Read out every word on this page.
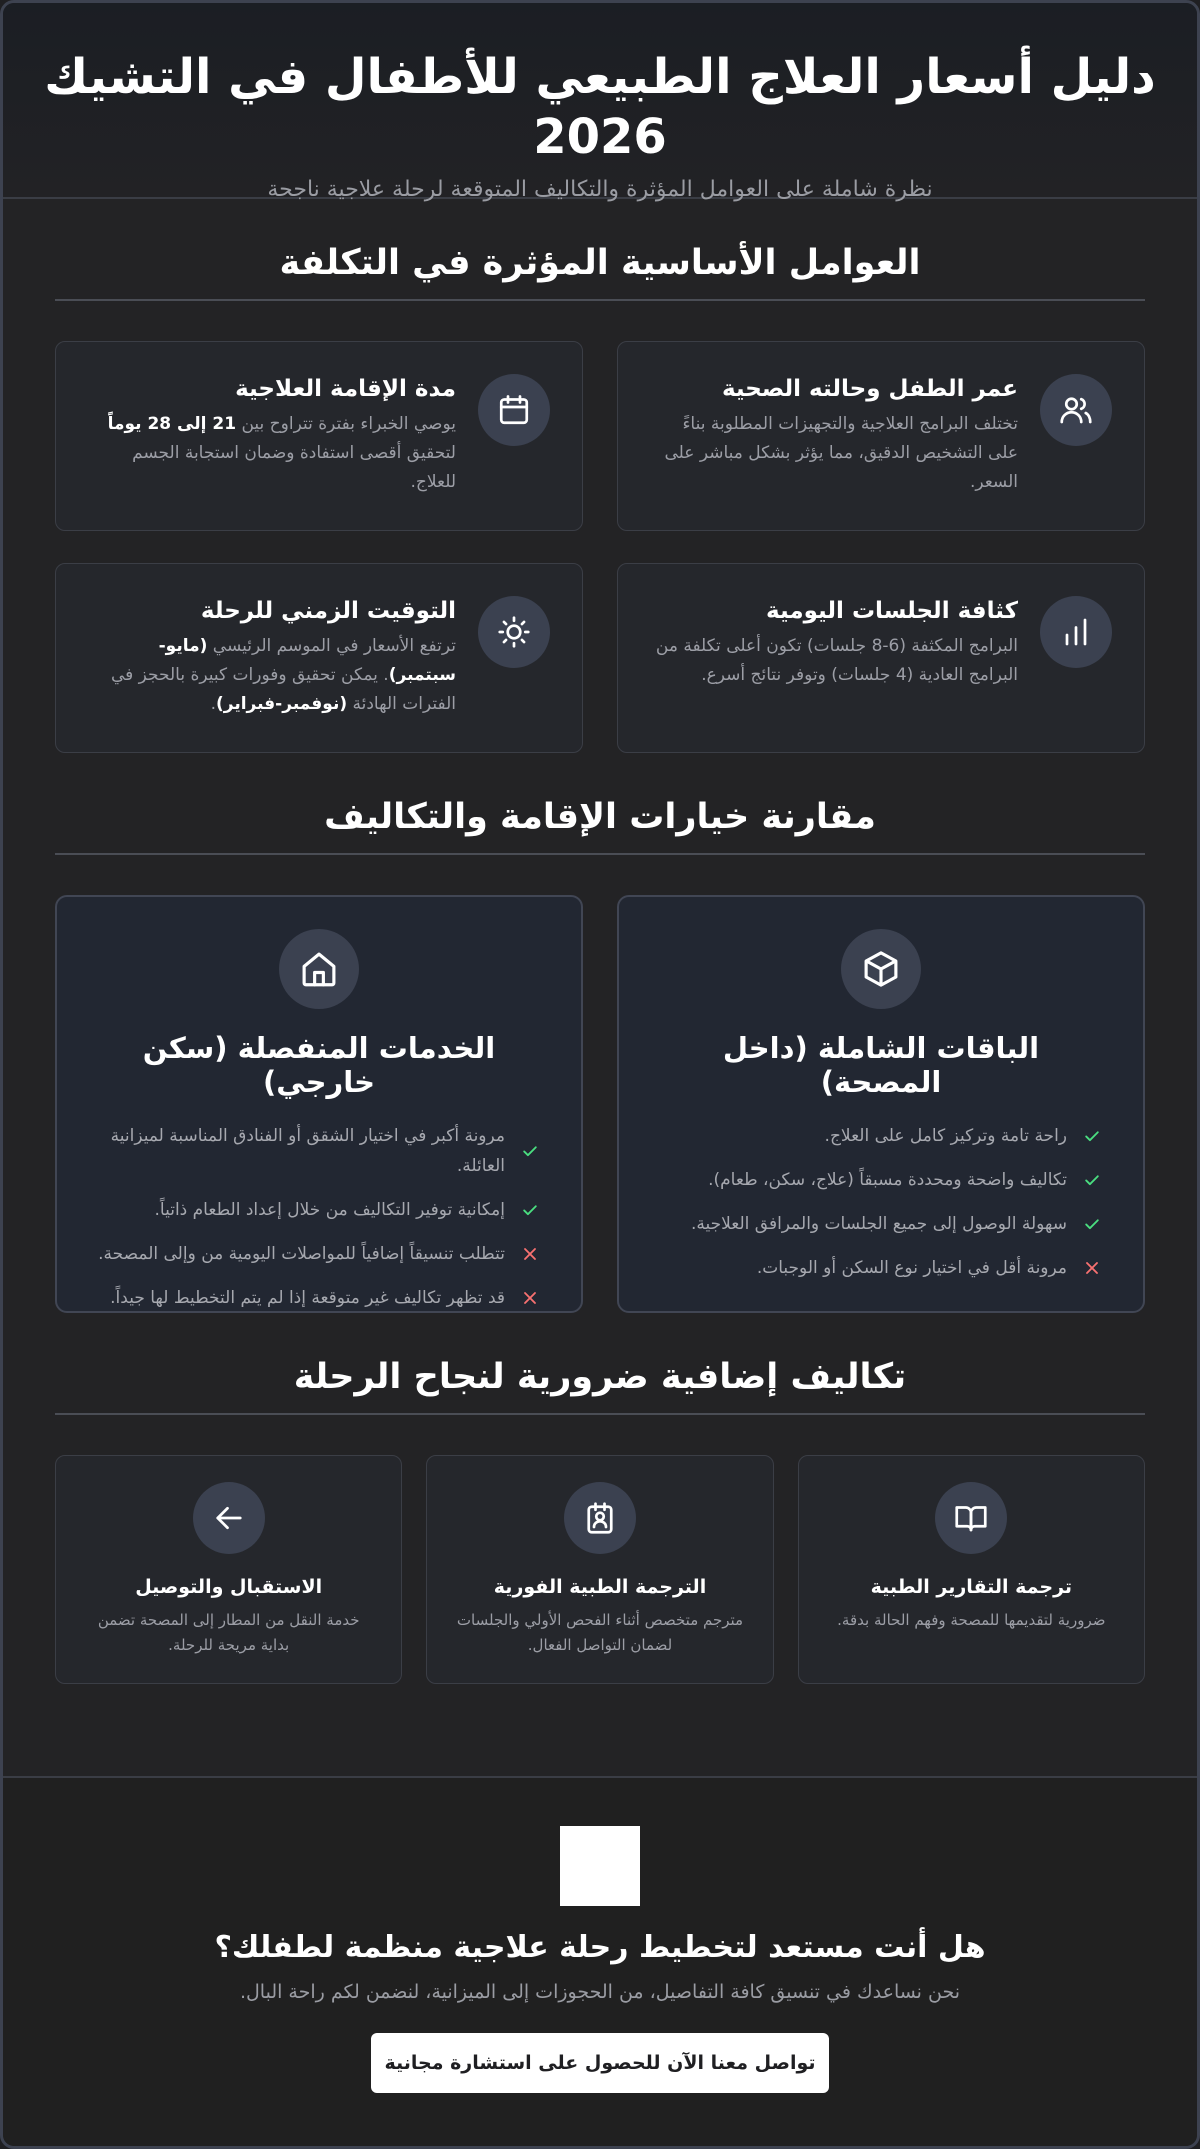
دليل أسعار العلاج الطبيعي للأطفال في التشيك 2026

نظرة شاملة على العوامل المؤثرة والتكاليف المتوقعة لرحلة علاجية ناجحة

العوامل الأساسية المؤثرة في التكلفة
عمر الطفل وحالته الصحية

تختلف البرامج العلاجية والتجهيزات المطلوبة بناءً على التشخيص الدقيق، مما يؤثر بشكل مباشر على السعر.

مدة الإقامة العلاجية

يوصي الخبراء بفترة تتراوح بين 21 إلى 28 يوماً لتحقيق أقصى استفادة وضمان استجابة الجسم للعلاج.

كثافة الجلسات اليومية

البرامج المكثفة (6-8 جلسات) تكون أعلى تكلفة من البرامج العادية (4 جلسات) وتوفر نتائج أسرع.

التوقيت الزمني للرحلة

ترتفع الأسعار في الموسم الرئيسي (مايو-سبتمبر). يمكن تحقيق وفورات كبيرة بالحجز في الفترات الهادئة (نوفمبر-فبراير).

مقارنة خيارات الإقامة والتكاليف
الباقات الشاملة (داخل المصحة)
راحة تامة وتركيز كامل على العلاج.
تكاليف واضحة ومحددة مسبقاً (علاج، سكن، طعام).
سهولة الوصول إلى جميع الجلسات والمرافق العلاجية.
مرونة أقل في اختيار نوع السكن أو الوجبات.
الخدمات المنفصلة (سكن خارجي)
مرونة أكبر في اختيار الشقق أو الفنادق المناسبة لميزانية العائلة.
إمكانية توفير التكاليف من خلال إعداد الطعام ذاتياً.
تتطلب تنسيقاً إضافياً للمواصلات اليومية من وإلى المصحة.
قد تظهر تكاليف غير متوقعة إذا لم يتم التخطيط لها جيداً.
تكاليف إضافية ضرورية لنجاح الرحلة
ترجمة التقارير الطبية

ضرورية لتقديمها للمصحة وفهم الحالة بدقة.

الترجمة الطبية الفورية

مترجم متخصص أثناء الفحص الأولي والجلسات لضمان التواصل الفعال.

الاستقبال والتوصيل

خدمة النقل من المطار إلى المصحة تضمن بداية مريحة للرحلة.

هل أنت مستعد لتخطيط رحلة علاجية منظمة لطفلك؟

نحن نساعدك في تنسيق كافة التفاصيل، من الحجوزات إلى الميزانية، لنضمن لكم راحة البال.

تواصل معنا الآن للحصول على استشارة مجانية
